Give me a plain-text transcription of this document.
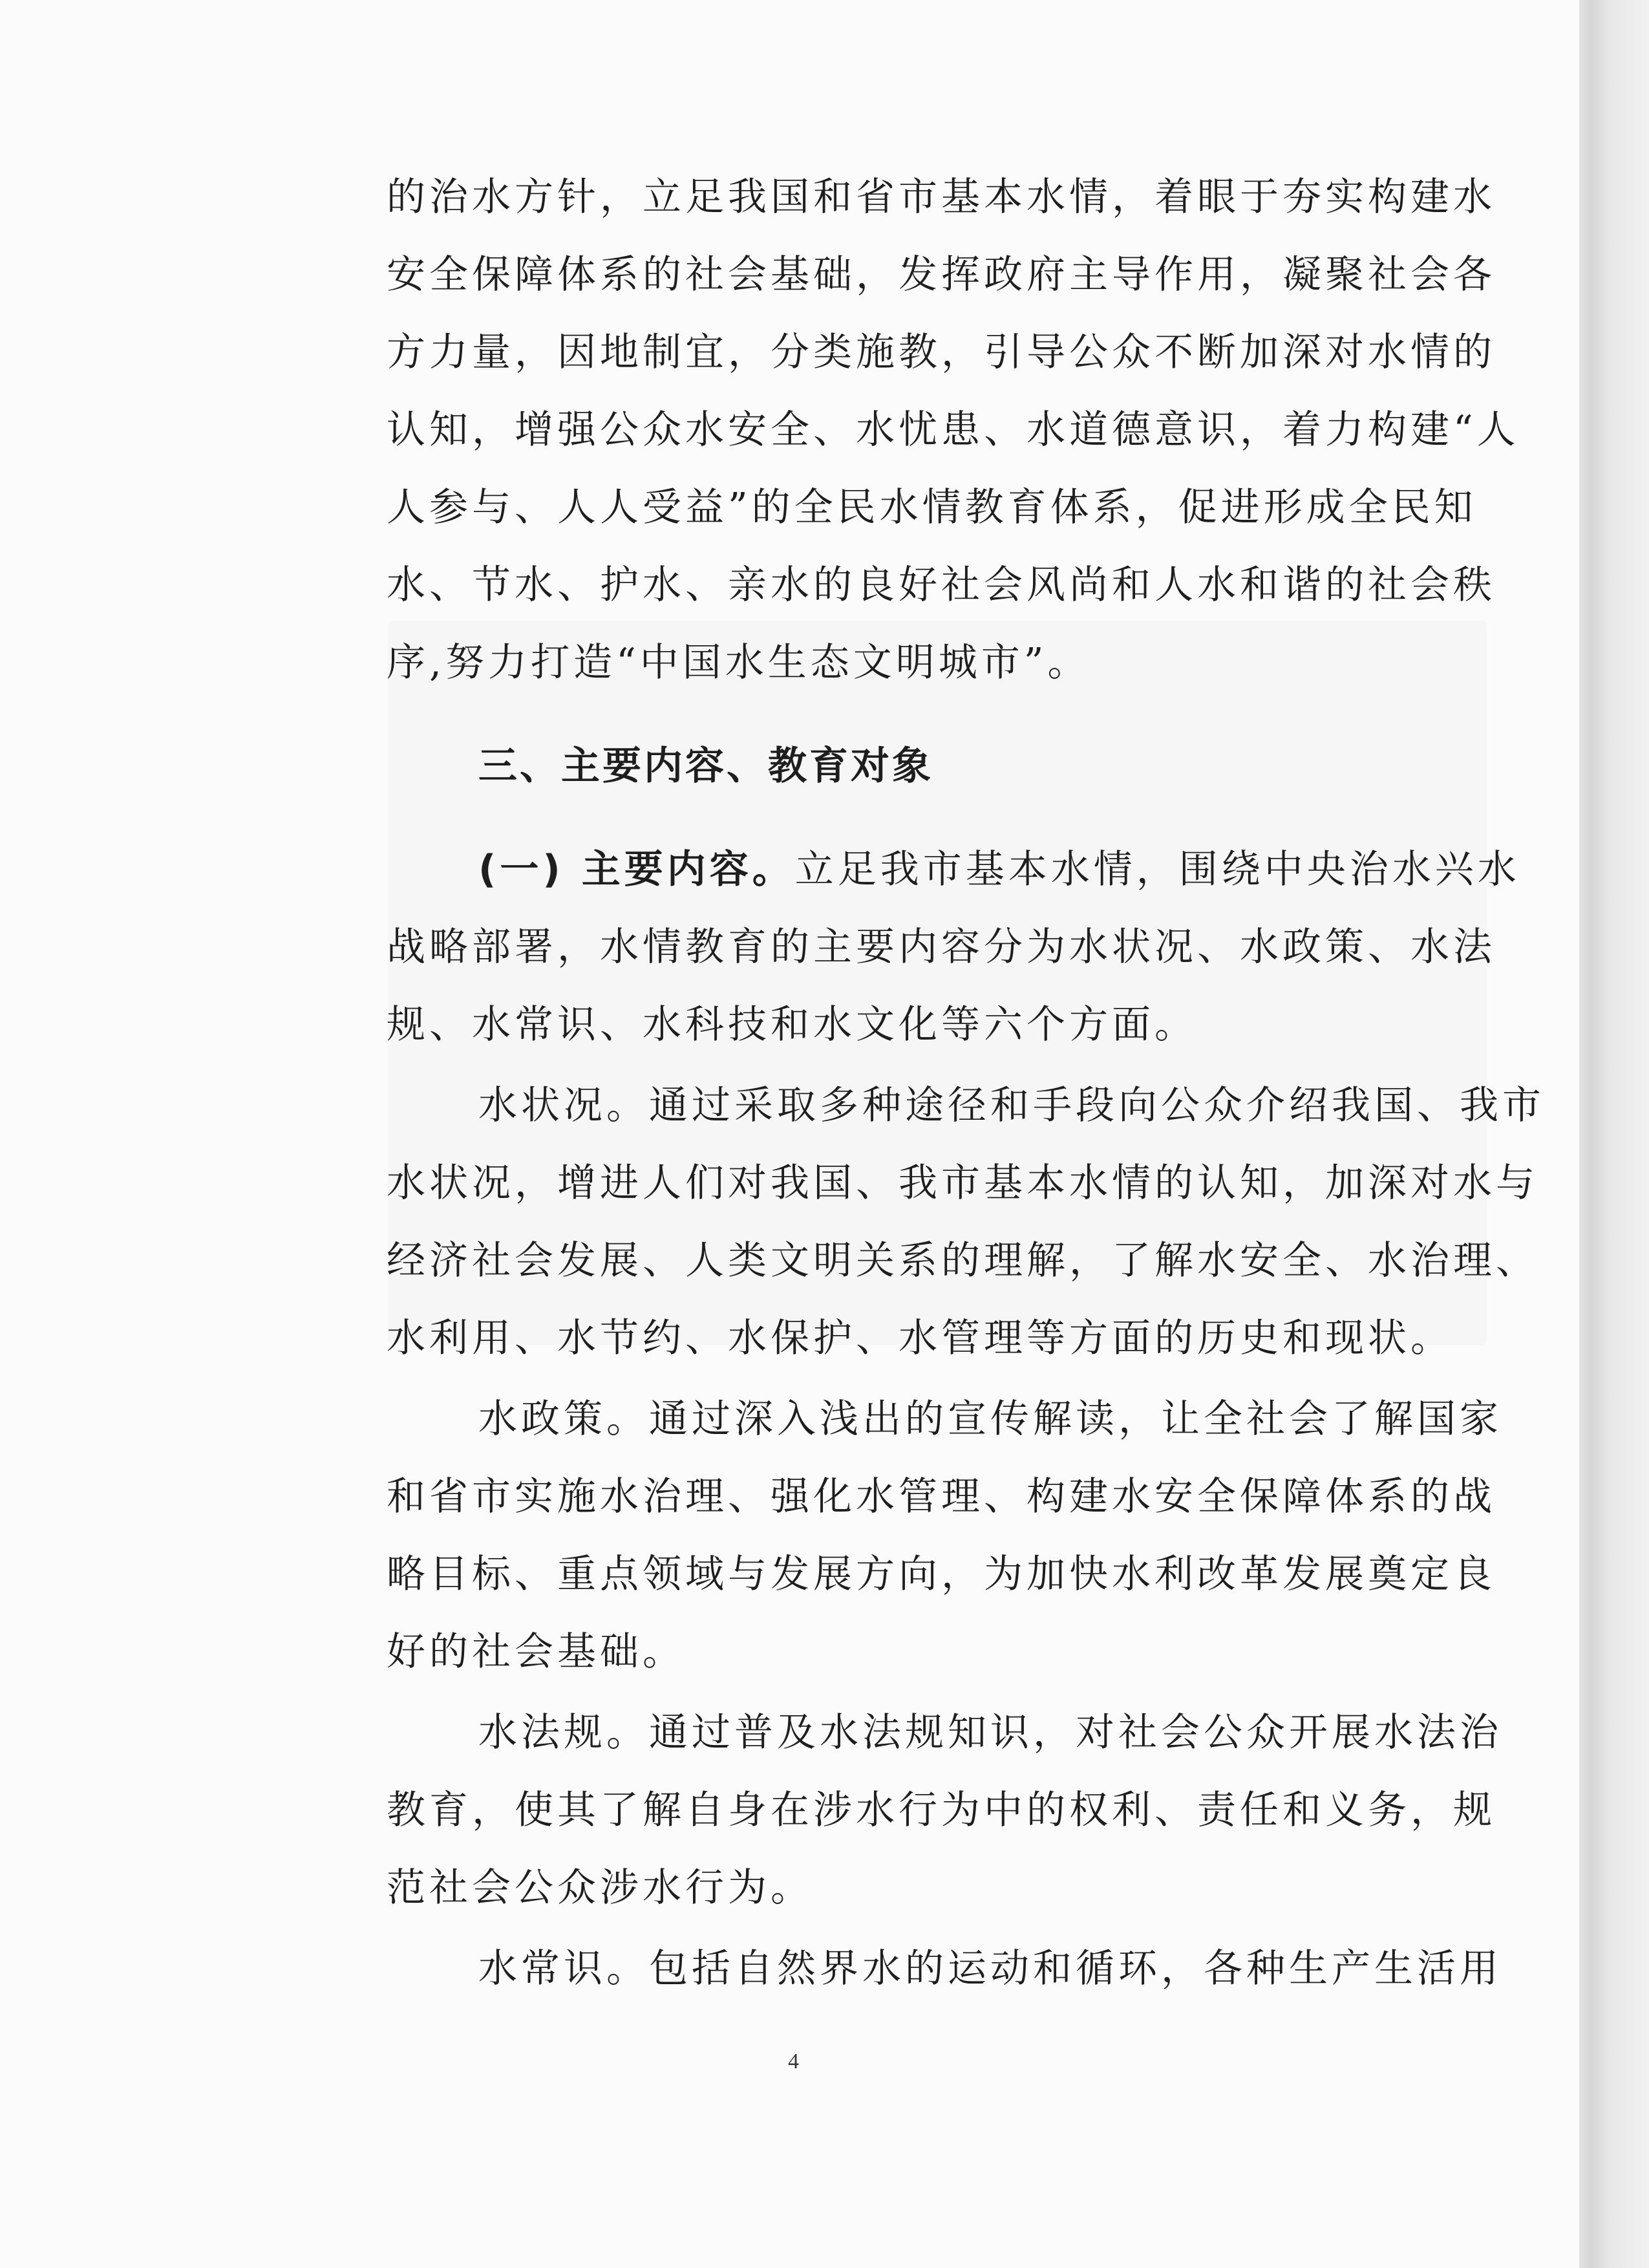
的治水方针，立足我国和省市基本水情，着眼于夯实构建水
安全保障体系的社会基础，发挥政府主导作用，凝聚社会各
方力量，因地制宜，分类施教，引导公众不断加深对水情的
认知，增强公众水安全、水忧患、水道德意识，着力构建“人
人参与、人人受益”的全民水情教育体系，促进形成全民知
水、节水、护水、亲水的良好社会风尚和人水和谐的社会秩
序,努力打造“中国水生态文明城市”。
三、主要内容、教育对象
(一) 主要内容。立足我市基本水情，围绕中央治水兴水
战略部署，水情教育的主要内容分为水状况、水政策、水法
规、水常识、水科技和水文化等六个方面。
水状况。通过采取多种途径和手段向公众介绍我国、我市
水状况，增进人们对我国、我市基本水情的认知，加深对水与
经济社会发展、人类文明关系的理解，了解水安全、水治理、
水利用、水节约、水保护、水管理等方面的历史和现状。
水政策。通过深入浅出的宣传解读，让全社会了解国家
和省市实施水治理、强化水管理、构建水安全保障体系的战
略目标、重点领域与发展方向，为加快水利改革发展奠定良
好的社会基础。
水法规。通过普及水法规知识，对社会公众开展水法治
教育，使其了解自身在涉水行为中的权利、责任和义务，规
范社会公众涉水行为。
水常识。包括自然界水的运动和循环，各种生产生活用
4
